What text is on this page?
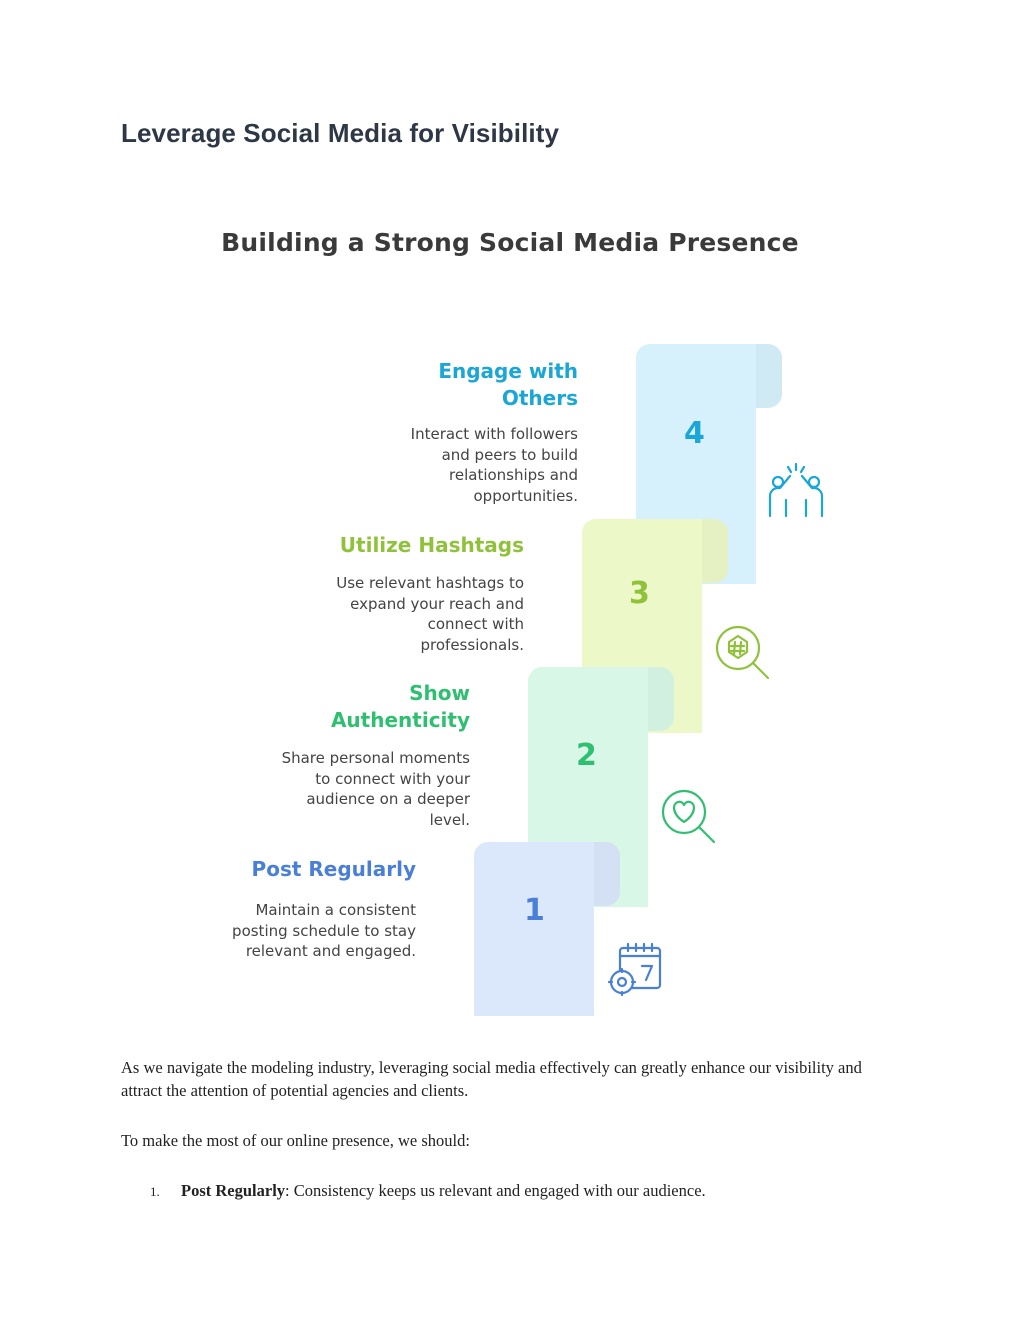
Leverage Social Media for Visibility
Building a Strong Social Media Presence
4
3
2
1
Engage with
Others
Interact with followers
and peers to build
relationships and
opportunities.
Utilize Hashtags
Use relevant hashtags to
expand your reach and
connect with
professionals.
Show
Authenticity
Share personal moments
to connect with your
audience on a deeper
level.
Post Regularly
Maintain a consistent
posting schedule to stay
relevant and engaged.

As we navigate the modeling industry, leveraging social media effectively can greatly enhance our visibility and attract the attention of potential agencies and clients.

To make the most of our online presence, we should:

1. Post Regularly: Consistency keeps us relevant and engaged with our audience.
